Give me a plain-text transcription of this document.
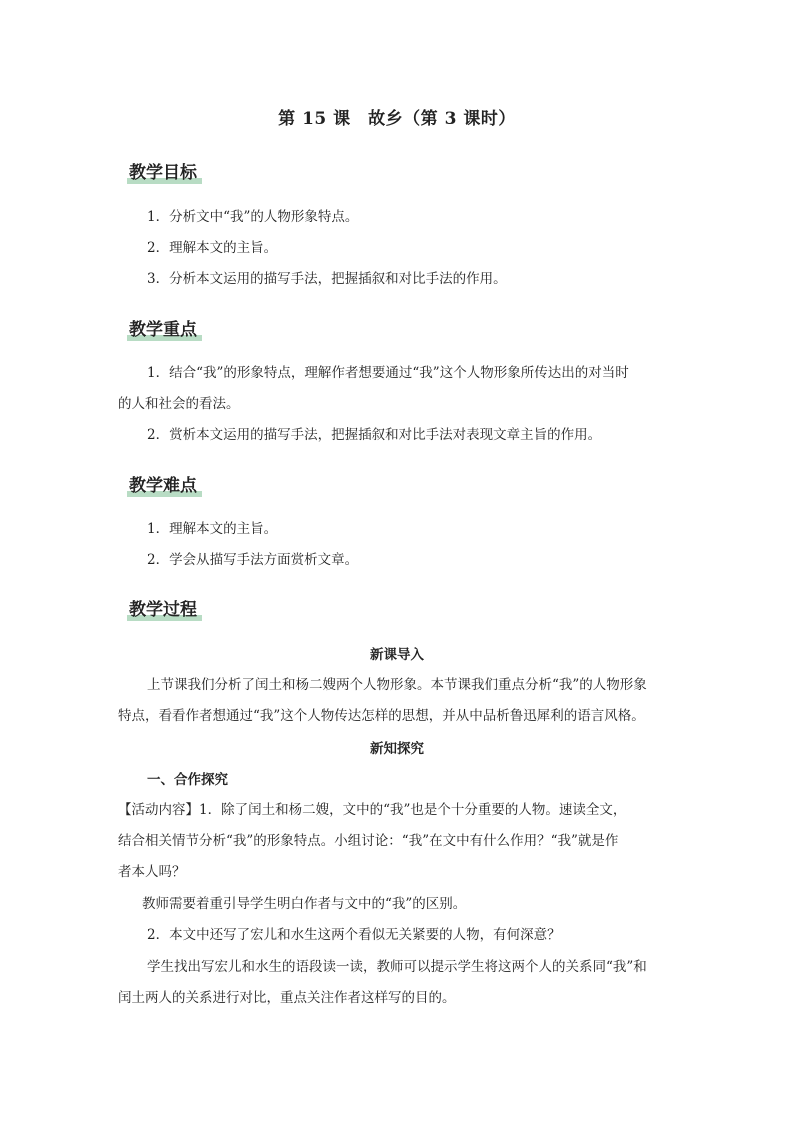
第 15 课　故乡（第 3 课时）
教学目标
1．分析文中“我”的人物形象特点。
2．理解本文的主旨。
3．分析本文运用的描写手法，把握插叙和对比手法的作用。
教学重点
1．结合“我”的形象特点，理解作者想要通过“我”这个人物形象所传达出的对当时
的人和社会的看法。
2．赏析本文运用的描写手法，把握插叙和对比手法对表现文章主旨的作用。
教学难点
1．理解本文的主旨。
2．学会从描写手法方面赏析文章。
教学过程
新课导入
上节课我们分析了闰土和杨二嫂两个人物形象。本节课我们重点分析“我”的人物形象
特点，看看作者想通过“我”这个人物传达怎样的思想，并从中品析鲁迅犀利的语言风格。
新知探究
一、合作探究
【活动内容】1．除了闰土和杨二嫂，文中的“我”也是个十分重要的人物。速读全文，
结合相关情节分析“我”的形象特点。小组讨论：“我”在文中有什么作用？“我”就是作
者本人吗？
教师需要着重引导学生明白作者与文中的“我”的区别。
2．本文中还写了宏儿和水生这两个看似无关紧要的人物，有何深意？
学生找出写宏儿和水生的语段读一读，教师可以提示学生将这两个人的关系同“我”和
闰土两人的关系进行对比，重点关注作者这样写的目的。
